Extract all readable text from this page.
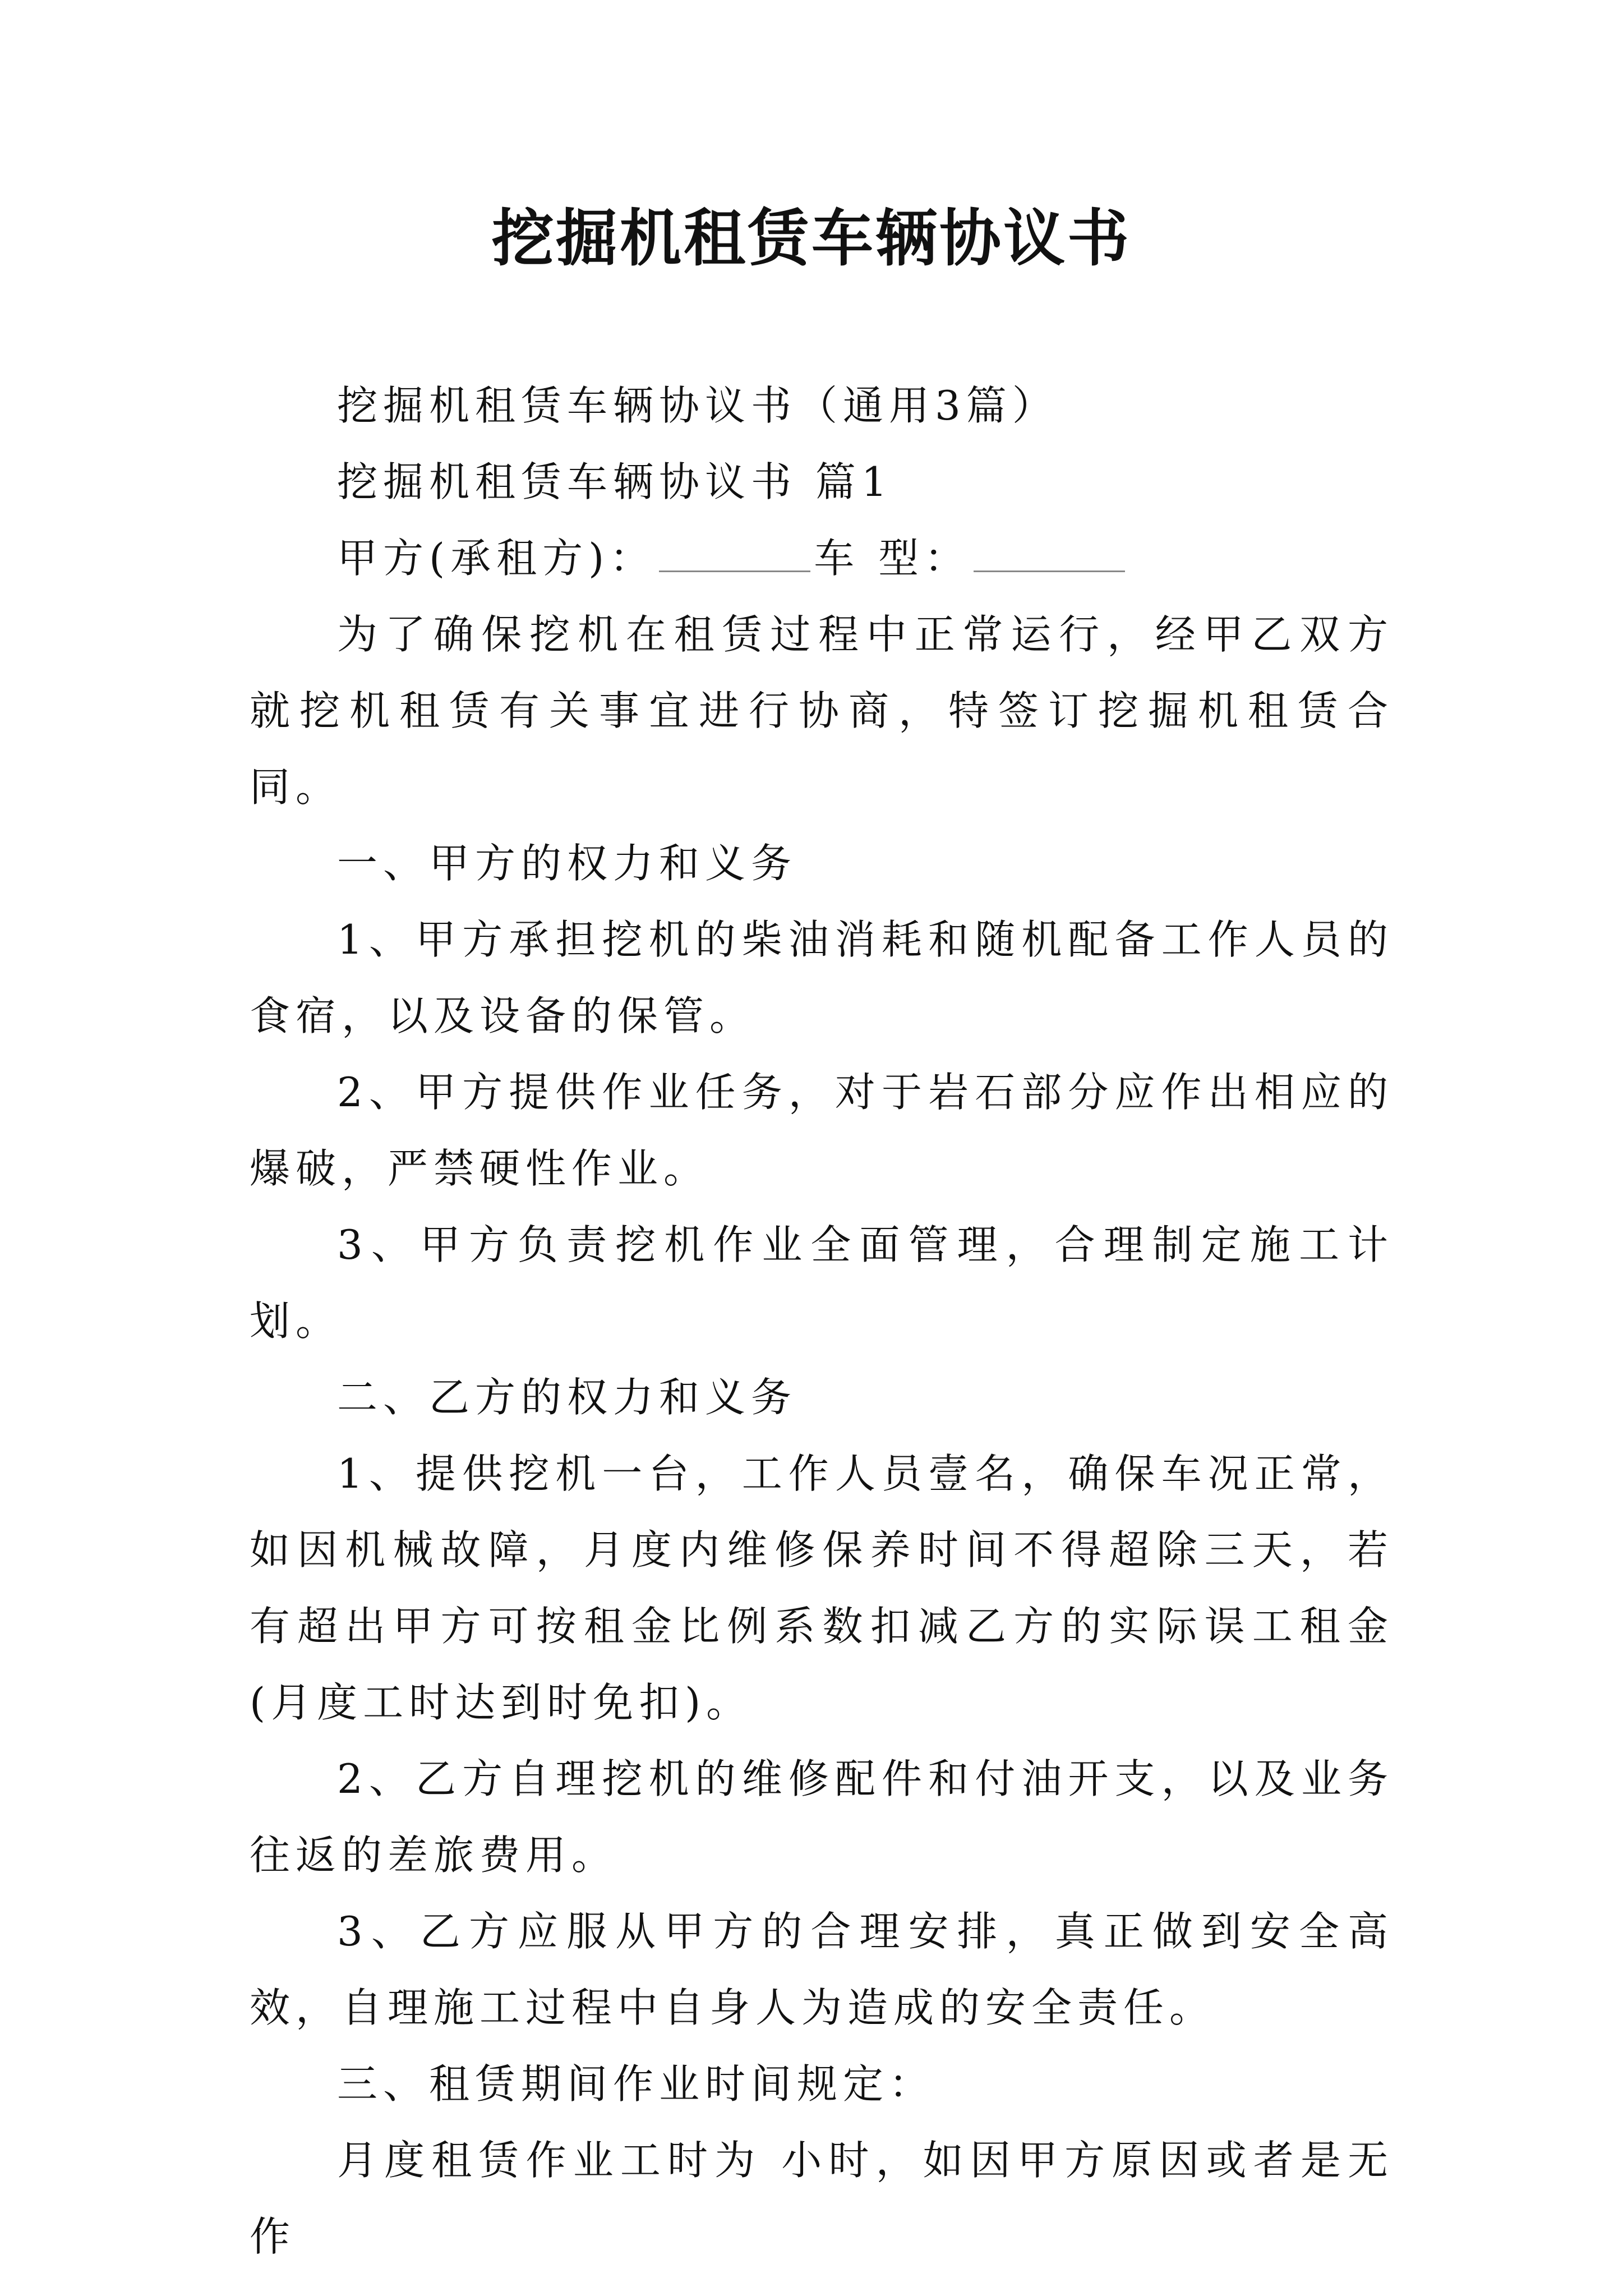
挖掘机租赁车辆协议书

挖掘机租赁车辆协议书（通用3篇）

挖掘机租赁车辆协议书 篇1

甲方(承租方)：	车 型：

为了确保挖机在租赁过程中正常运行，经甲乙双方就挖机租赁有关事宜进行协商，特签订挖掘机租赁合同。

一、甲方的权力和义务

1、甲方承担挖机的柴油消耗和随机配备工作人员的食宿，以及设备的保管。

2、甲方提供作业任务，对于岩石部分应作出相应的爆破，严禁硬性作业。

3、甲方负责挖机作业全面管理，合理制定施工计划。

二、乙方的权力和义务

1、提供挖机一台，工作人员壹名，确保车况正常，如因机械故障，月度内维修保养时间不得超除三天，若有超出甲方可按租金比例系数扣减乙方的实际误工租金(月度工时达到时免扣)。

2、乙方自理挖机的维修配件和付油开支，以及业务往返的差旅费用。

3、乙方应服从甲方的合理安排，真正做到安全高效，自理施工过程中自身人为造成的安全责任。

三、租赁期间作业时间规定：

月度租赁作业工时为 小时，如因甲方原因或者是无作
